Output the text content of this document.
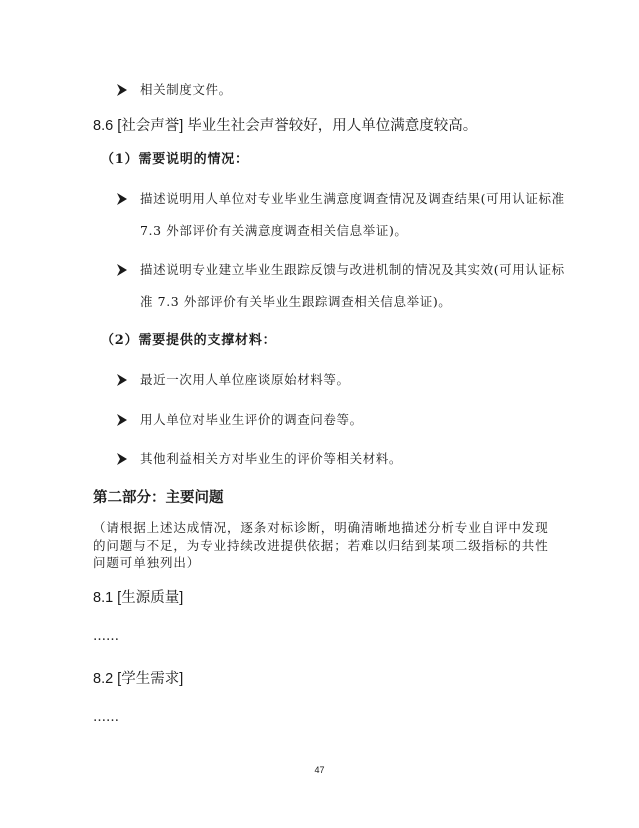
相关制度文件。
8.6 [社会声誉] 毕业生社会声誉较好，用人单位满意度较高。
（1）需要说明的情况：
描述说明用人单位对专业毕业生满意度调查情况及调查结果(可用认证标准
7.3 外部评价有关满意度调查相关信息举证)。
描述说明专业建立毕业生跟踪反馈与改进机制的情况及其实效(可用认证标
准 7.3 外部评价有关毕业生跟踪调查相关信息举证)。
（2）需要提供的支撑材料：
最近一次用人单位座谈原始材料等。
用人单位对毕业生评价的调查问卷等。
其他利益相关方对毕业生的评价等相关材料。
第二部分：主要问题
（请根据上述达成情况，逐条对标诊断，明确清晰地描述分析专业自评中发现的问题与不足，为专业持续改进提供依据；若难以归结到某项二级指标的共性问题可单独列出）
8.1 [生源质量]
……
8.2 [学生需求]
……
47
